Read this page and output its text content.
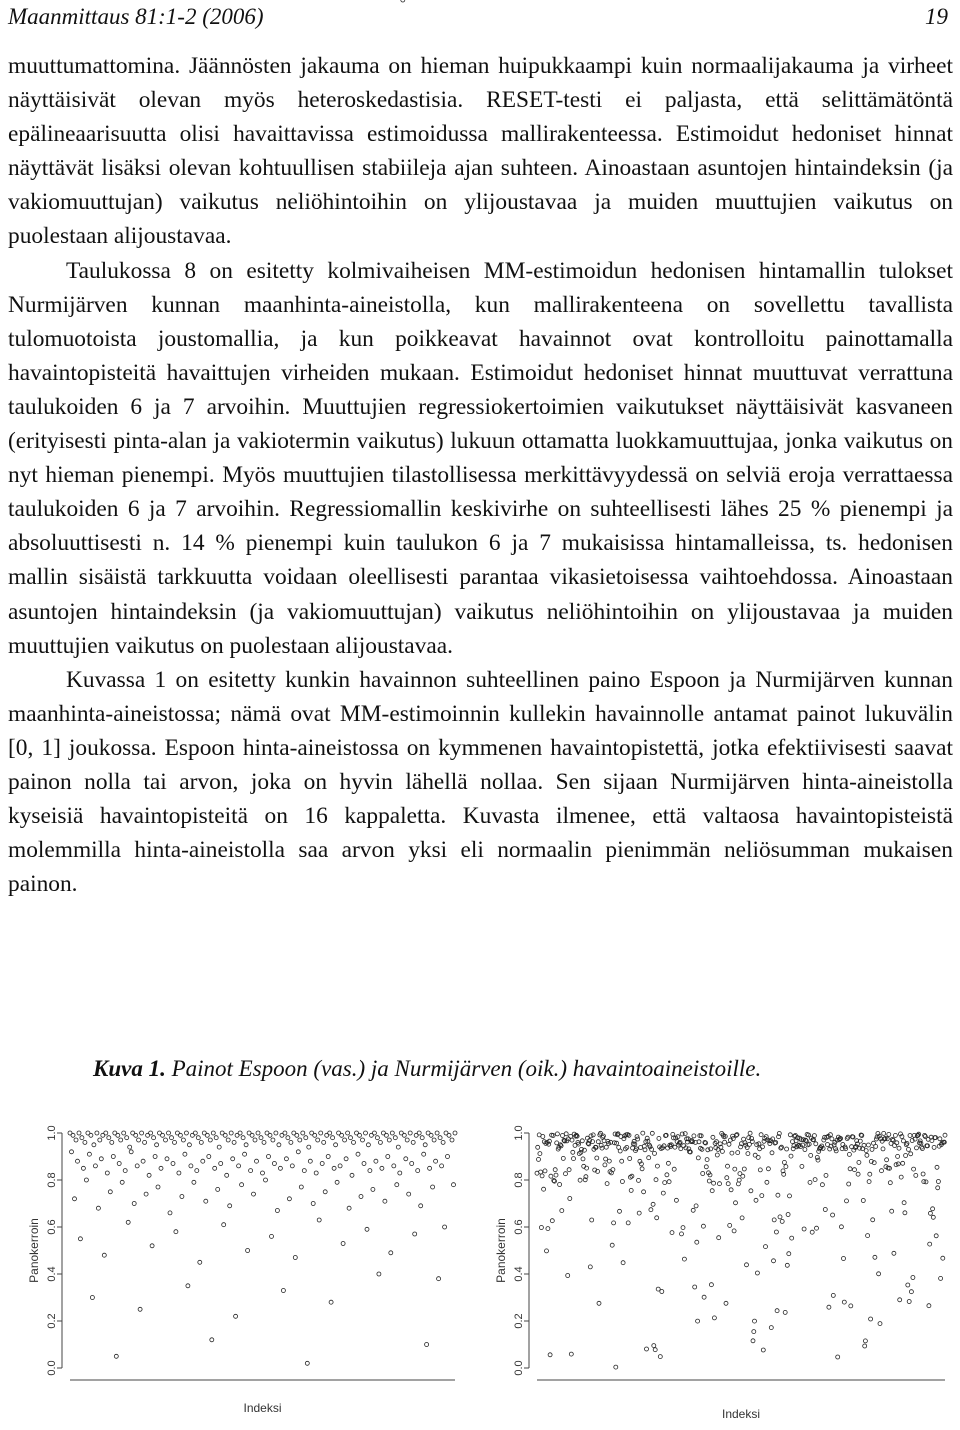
Maanmittaus 81:1-2 (2006)	19

muuttumattomina. Jäännösten jakauma on hieman huipukkaampi kuin normaalijakauma ja virheet näyttäisivät olevan myös heteroskedastisia. RESET-testi ei paljasta, että selittämätöntä epälineaarisuutta olisi havaittavissa estimoidussa mallirakenteessa. Estimoidut hedoniset hinnat näyttävät lisäksi olevan kohtuullisen stabiileja ajan suhteen. Ainoastaan asuntojen hintaindeksin (ja vakiomuuttujan) vaikutus neliöhintoihin on ylijoustavaa ja muiden muuttujien vaikutus on puolestaan alijoustavaa.

Taulukossa 8 on esitetty kolmivaiheisen MM-estimoidun hedonisen hintamallin tulokset Nurmijärven kunnan maanhinta-aineistolla, kun mallirakenteena on sovellettu tavallista tulomuotoista joustomallia, ja kun poikkeavat havainnot ovat kontrolloitu painottamalla havaintopisteitä havaittujen virheiden mukaan. Estimoidut hedoniset hinnat muuttuvat verrattuna taulukoiden 6 ja 7 arvoihin. Muuttujien regressiokertoimien vaikutukset näyttäisivät kasvaneen (erityisesti pinta-alan ja vakiotermin vaikutus) lukuun ottamatta luokkamuuttujaa, jonka vaikutus on nyt hieman pienempi. Myös muuttujien tilastollisessa merkittävyydessä on selviä eroja verrattaessa taulukoiden 6 ja 7 arvoihin. Regressiomallin keskivirhe on suhteellisesti lähes 25 % pienempi ja absoluuttisesti n. 14 % pienempi kuin taulukon 6 ja 7 mukaisissa hintamalleissa, ts. hedonisen mallin sisäistä tarkkuutta voidaan oleellisesti parantaa vikasietoisessa vaihtoehdossa. Ainoastaan asuntojen hintaindeksin (ja vakiomuuttujan) vaikutus neliöhintoihin on ylijoustavaa ja muiden muuttujien vaikutus on puolestaan alijoustavaa.

Kuvassa 1 on esitetty kunkin havainnon suhteellinen paino Espoon ja Nurmijärven kunnan maanhinta-aineistossa; nämä ovat MM-estimoinnin kullekin havainnolle antamat painot lukuvälin [0, 1] joukossa. Espoon hinta-aineistossa on kymmenen havaintopistettä, jotka efektiivisesti saavat painon nolla tai arvon, joka on hyvin lähellä nollaa. Sen sijaan Nurmijärven hinta-aineistolla kyseisiä havaintopisteitä on 16 kappaletta. Kuvasta ilmenee, että valtaosa havaintopisteistä molemmilla hinta-aineistolla saa arvon yksi eli normaalin pienimmän neliösumman mukaisen painon.

Kuva 1. Painot Espoon (vas.) ja Nurmijärven (oik.) havaintoaineistoille.
0.0
0.2
0.4
0.6
0.8
1.0
Panokerroin
Indeksi
0.0
0.2
0.4
0.6
0.8
1.0
Panokerroin
Indeksi
